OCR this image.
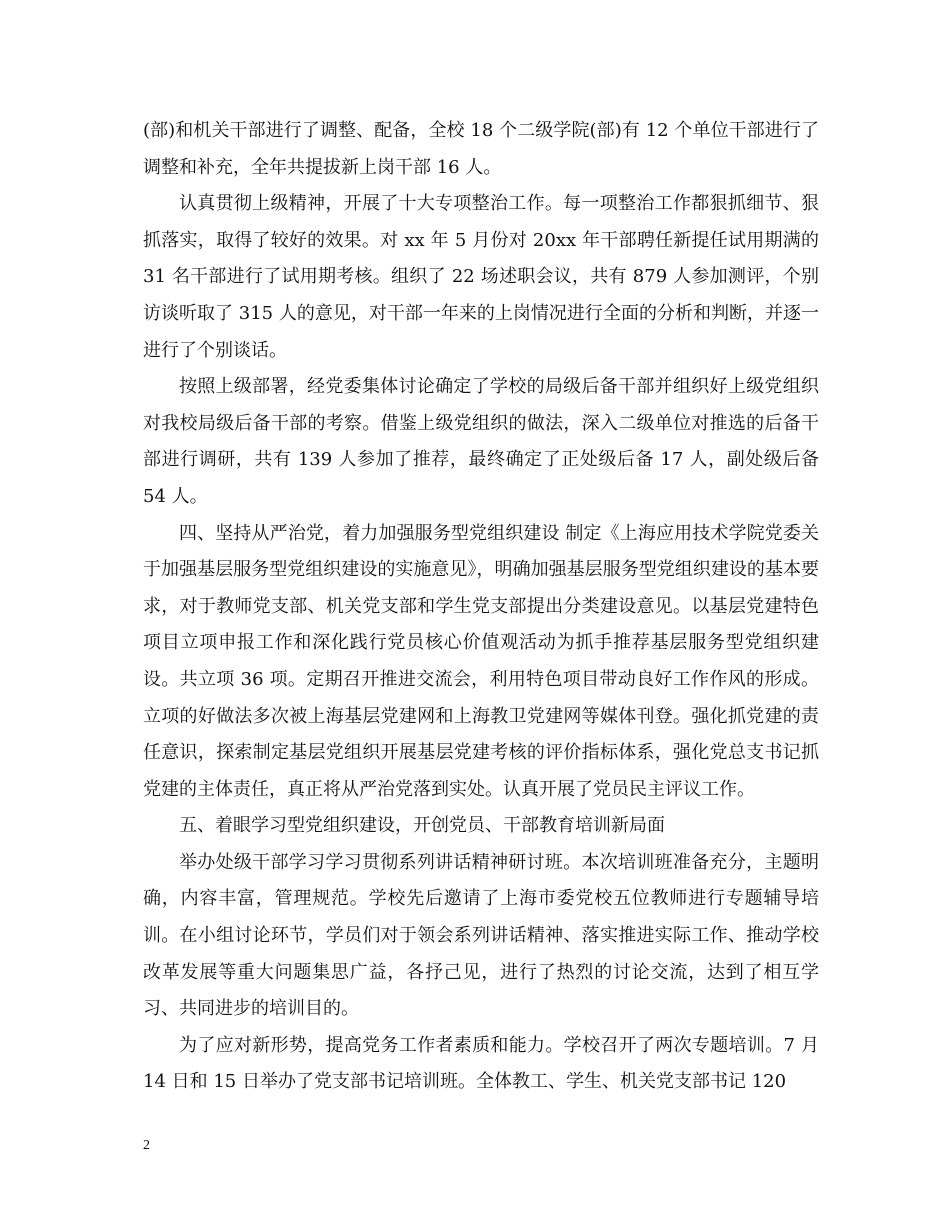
(部)和机关干部进行了调整、配备，全校 18 个二级学院(部)有 12 个单位干部进行了调整和补充，全年共提拔新上岗干部 16 人。

认真贯彻上级精神，开展了十大专项整治工作。每一项整治工作都狠抓细节、狠抓落实，取得了较好的效果。对 xx 年 5 月份对 20xx 年干部聘任新提任试用期满的 31 名干部进行了试用期考核。组织了 22 场述职会议，共有 879 人参加测评，个别访谈听取了 315 人的意见，对干部一年来的上岗情况进行全面的分析和判断，并逐一进行了个别谈话。

按照上级部署，经党委集体讨论确定了学校的局级后备干部并组织好上级党组织对我校局级后备干部的考察。借鉴上级党组织的做法，深入二级单位对推选的后备干部进行调研，共有 139 人参加了推荐，最终确定了正处级后备 17 人，副处级后备 54 人。

四、坚持从严治党，着力加强服务型党组织建设 制定《上海应用技术学院党委关于加强基层服务型党组织建设的实施意见》，明确加强基层服务型党组织建设的基本要求，对于教师党支部、机关党支部和学生党支部提出分类建设意见。以基层党建特色项目立项申报工作和深化践行党员核心价值观活动为抓手推荐基层服务型党组织建设。共立项 36 项。定期召开推进交流会，利用特色项目带动良好工作作风的形成。立项的好做法多次被上海基层党建网和上海教卫党建网等媒体刊登。强化抓党建的责任意识，探索制定基层党组织开展基层党建考核的评价指标体系，强化党总支书记抓党建的主体责任，真正将从严治党落到实处。认真开展了党员民主评议工作。

五、着眼学习型党组织建设，开创党员、干部教育培训新局面

举办处级干部学习学习贯彻系列讲话精神研讨班。本次培训班准备充分，主题明确，内容丰富，管理规范。学校先后邀请了上海市委党校五位教师进行专题辅导培训。在小组讨论环节，学员们对于领会系列讲话精神、落实推进实际工作、推动学校改革发展等重大问题集思广益，各抒己见，进行了热烈的讨论交流，达到了相互学习、共同进步的培训目的。

为了应对新形势，提高党务工作者素质和能力。学校召开了两次专题培训。7 月 14 日和 15 日举办了党支部书记培训班。全体教工、学生、机关党支部书记 120

2
